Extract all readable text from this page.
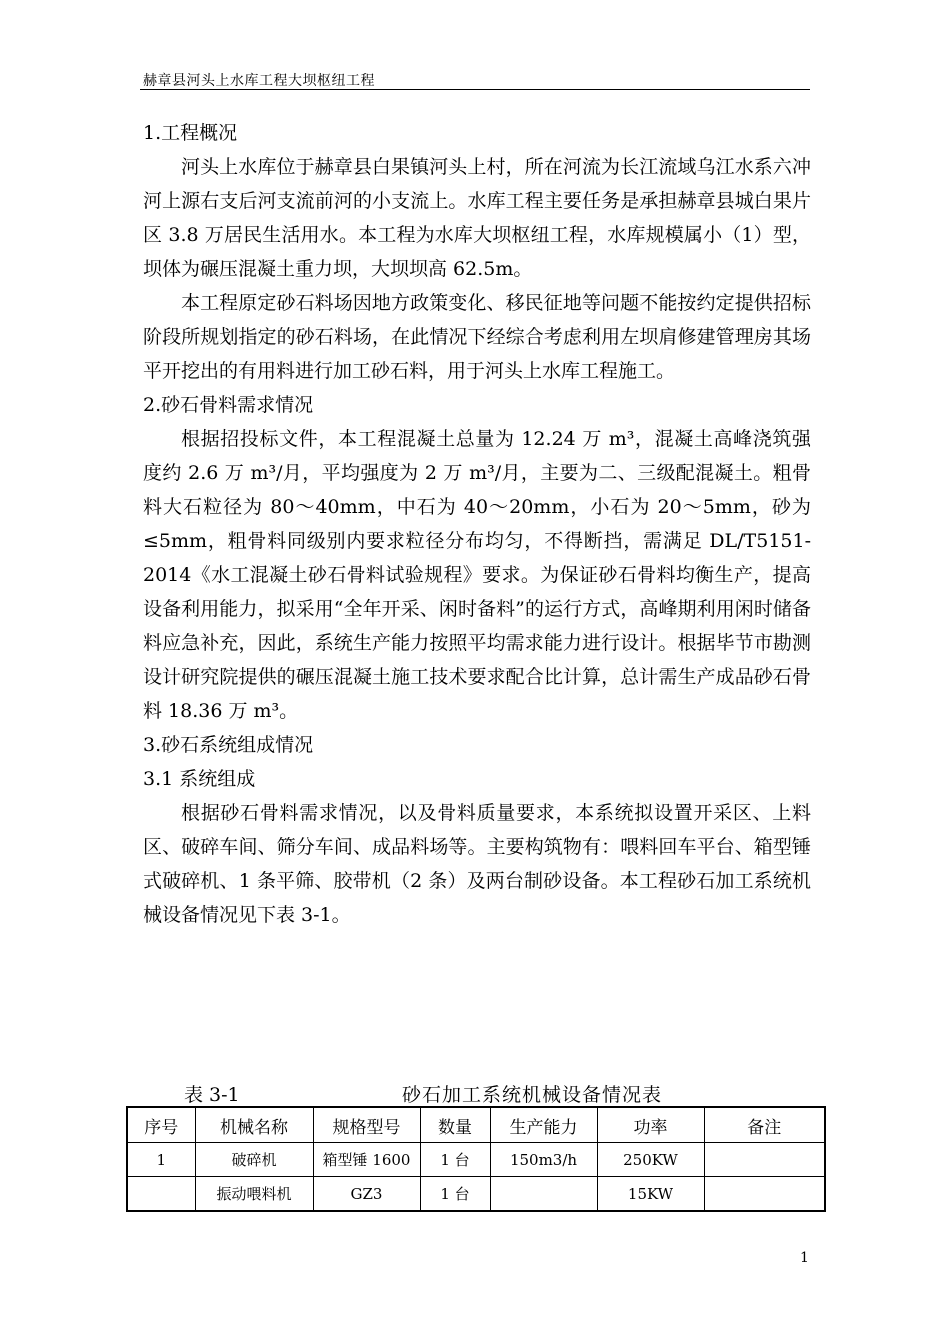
赫章县河头上水库工程大坝枢纽工程

1.工程概况

河头上水库位于赫章县白果镇河头上村，所在河流为长江流域乌江水系六冲河上源右支后河支流前河的小支流上。水库工程主要任务是承担赫章县城白果片区 3.8 万居民生活用水。本工程为水库大坝枢纽工程，水库规模属小（1）型，坝体为碾压混凝土重力坝，大坝坝高 62.5m。

本工程原定砂石料场因地方政策变化、移民征地等问题不能按约定提供招标阶段所规划指定的砂石料场，在此情况下经综合考虑利用左坝肩修建管理房其场平开挖出的有用料进行加工砂石料，用于河头上水库工程施工。

2.砂石骨料需求情况

根据招投标文件，本工程混凝土总量为 12.24 万 m³，混凝土高峰浇筑强度约 2.6 万 m³/月，平均强度为 2 万 m³/月，主要为二、三级配混凝土。粗骨料大石粒径为 80～40mm，中石为 40～20mm，小石为 20～5mm，砂为≤5mm，粗骨料同级别内要求粒径分布均匀，不得断挡，需满足 DL/T5151-2014《水工混凝土砂石骨料试验规程》要求。为保证砂石骨料均衡生产，提高设备利用能力，拟采用“全年开采、闲时备料”的运行方式，高峰期利用闲时储备料应急补充，因此，系统生产能力按照平均需求能力进行设计。根据毕节市勘测设计研究院提供的碾压混凝土施工技术要求配合比计算，总计需生产成品砂石骨料 18.36 万 m³。

3.砂石系统组成情况

3.1 系统组成

根据砂石骨料需求情况，以及骨料质量要求，本系统拟设置开采区、上料区、破碎车间、筛分车间、成品料场等。主要构筑物有：喂料回车平台、箱型锤式破碎机、1 条平筛、胶带机（2 条）及两台制砂设备。本工程砂石加工系统机械设备情况见下表 3-1。

表 3-1	砂石加工系统机械设备情况表
序号	机械名称	规格型号	数量	生产能力	功率	备注
1	破碎机	箱型锤 1600	1 台	150m3/h	250KW	
	振动喂料机	GZ3	1 台		15KW	
1
